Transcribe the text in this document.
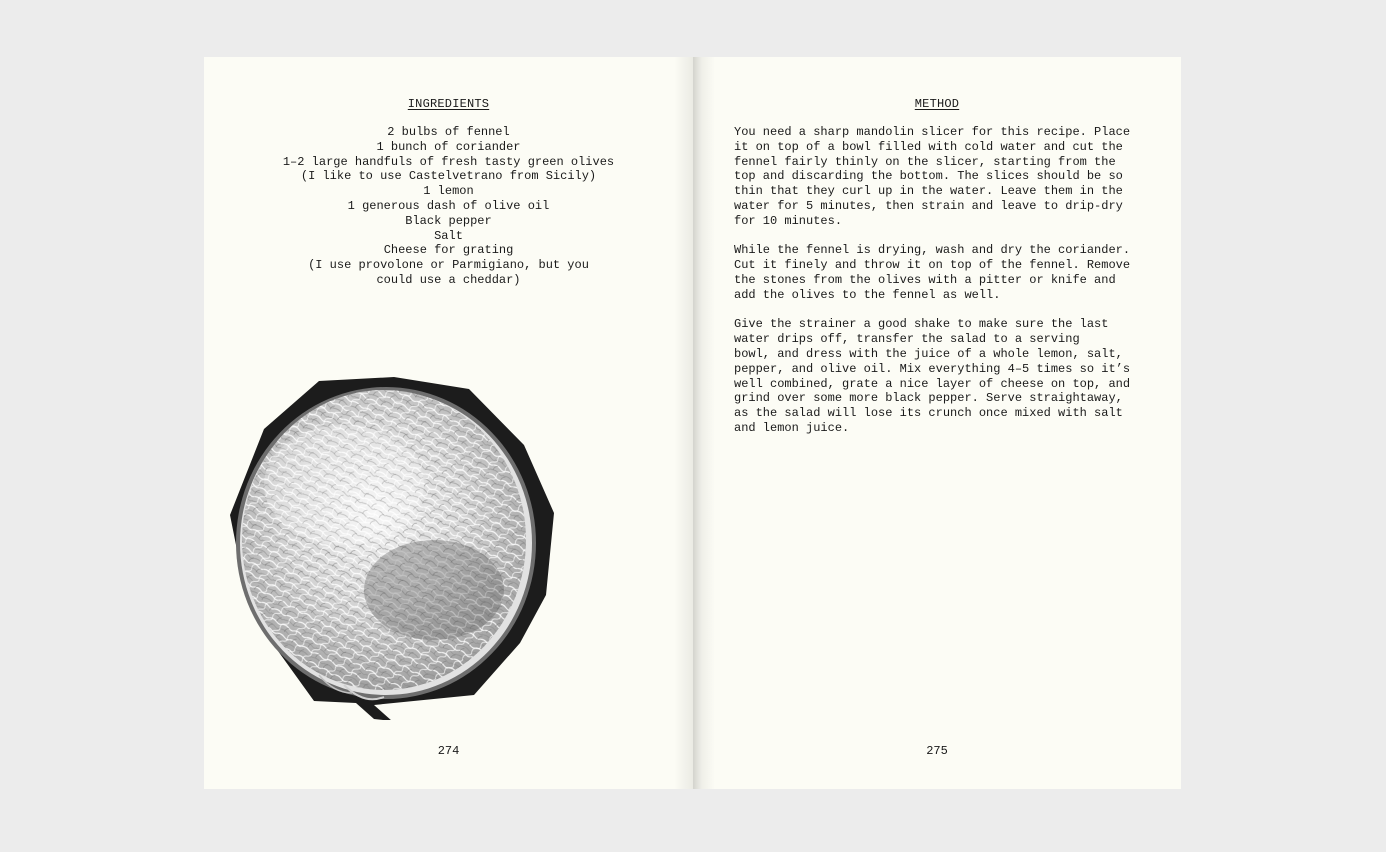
INGREDIENTS
2 bulbs of fennel
1 bunch of coriander
1–2 large handfuls of fresh tasty green olives
(I like to use Castelvetrano from Sicily)
1 lemon
1 generous dash of olive oil
Black pepper
Salt
Cheese for grating
(I use provolone or Parmigiano, but you
could use a cheddar)
274
METHOD

You need a sharp mandolin slicer for this recipe. Place
it on top of a bowl filled with cold water and cut the
fennel fairly thinly on the slicer, starting from the
top and discarding the bottom. The slices should be so
thin that they curl up in the water. Leave them in the
water for 5 minutes, then strain and leave to drip-dry
for 10 minutes.

While the fennel is drying, wash and dry the coriander.
Cut it finely and throw it on top of the fennel. Remove
the stones from the olives with a pitter or knife and
add the olives to the fennel as well.

Give the strainer a good shake to make sure the last
water drips off, transfer the salad to a serving
bowl, and dress with the juice of a whole lemon, salt,
pepper, and olive oil. Mix everything 4–5 times so it’s
well combined, grate a nice layer of cheese on top, and
grind over some more black pepper. Serve straightaway,
as the salad will lose its crunch once mixed with salt
and lemon juice.

275
